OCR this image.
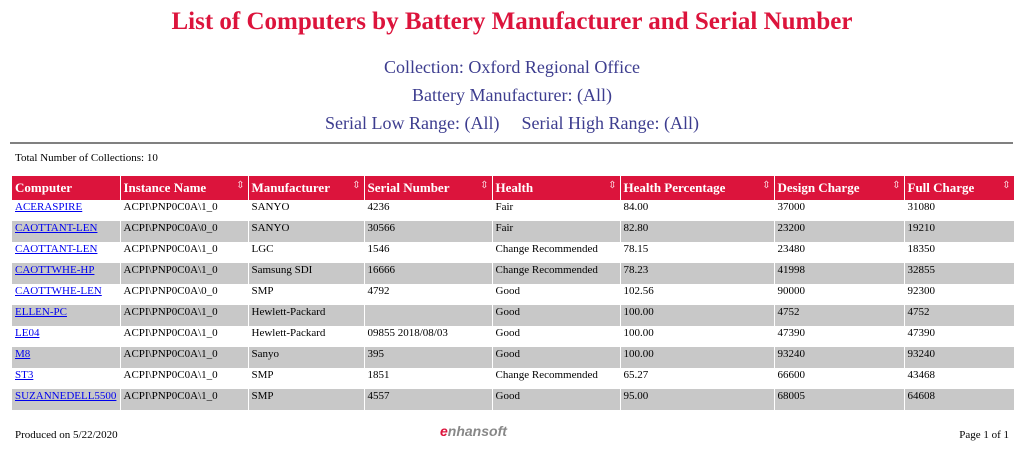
List of Computers by Battery Manufacturer and Serial Number
Collection: Oxford Regional Office
Battery Manufacturer: (All)
Serial Low Range: (All) Serial High Range: (All)
Total Number of Collections: 10
Computer	Instance Name ⇳	Manufacturer ⇳	Serial Number ⇳	Health ⇳	Health Percentage ⇳	Design Charge ⇳	Full Charge ⇳

ACERASPIRE	ACPI\PNP0C0A\1_0	SANYO	4236	Fair	84.00	37000	31080
CAOTTANT-LEN	ACPI\PNP0C0A\0_0	SANYO	30566	Fair	82.80	23200	19210
CAOTTANT-LEN	ACPI\PNP0C0A\1_0	LGC	1546	Change Recommended	78.15	23480	18350
CAOTTWHE-HP	ACPI\PNP0C0A\1_0	Samsung SDI	16666	Change Recommended	78.23	41998	32855
CAOTTWHE-LEN	ACPI\PNP0C0A\0_0	SMP	4792	Good	102.56	90000	92300
ELLEN-PC	ACPI\PNP0C0A\1_0	Hewlett-Packard		Good	100.00	4752	4752
LE04	ACPI\PNP0C0A\1_0	Hewlett-Packard	09855 2018/08/03	Good	100.00	47390	47390
M8	ACPI\PNP0C0A\1_0	Sanyo	395	Good	100.00	93240	93240
ST3	ACPI\PNP0C0A\1_0	SMP	1851	Change Recommended	65.27	66600	43468
SUZANNEDELL5500	ACPI\PNP0C0A\1_0	SMP	4557	Good	95.00	68005	64608
Produced on 5/22/2020	enhansoft	Page 1 of 1
